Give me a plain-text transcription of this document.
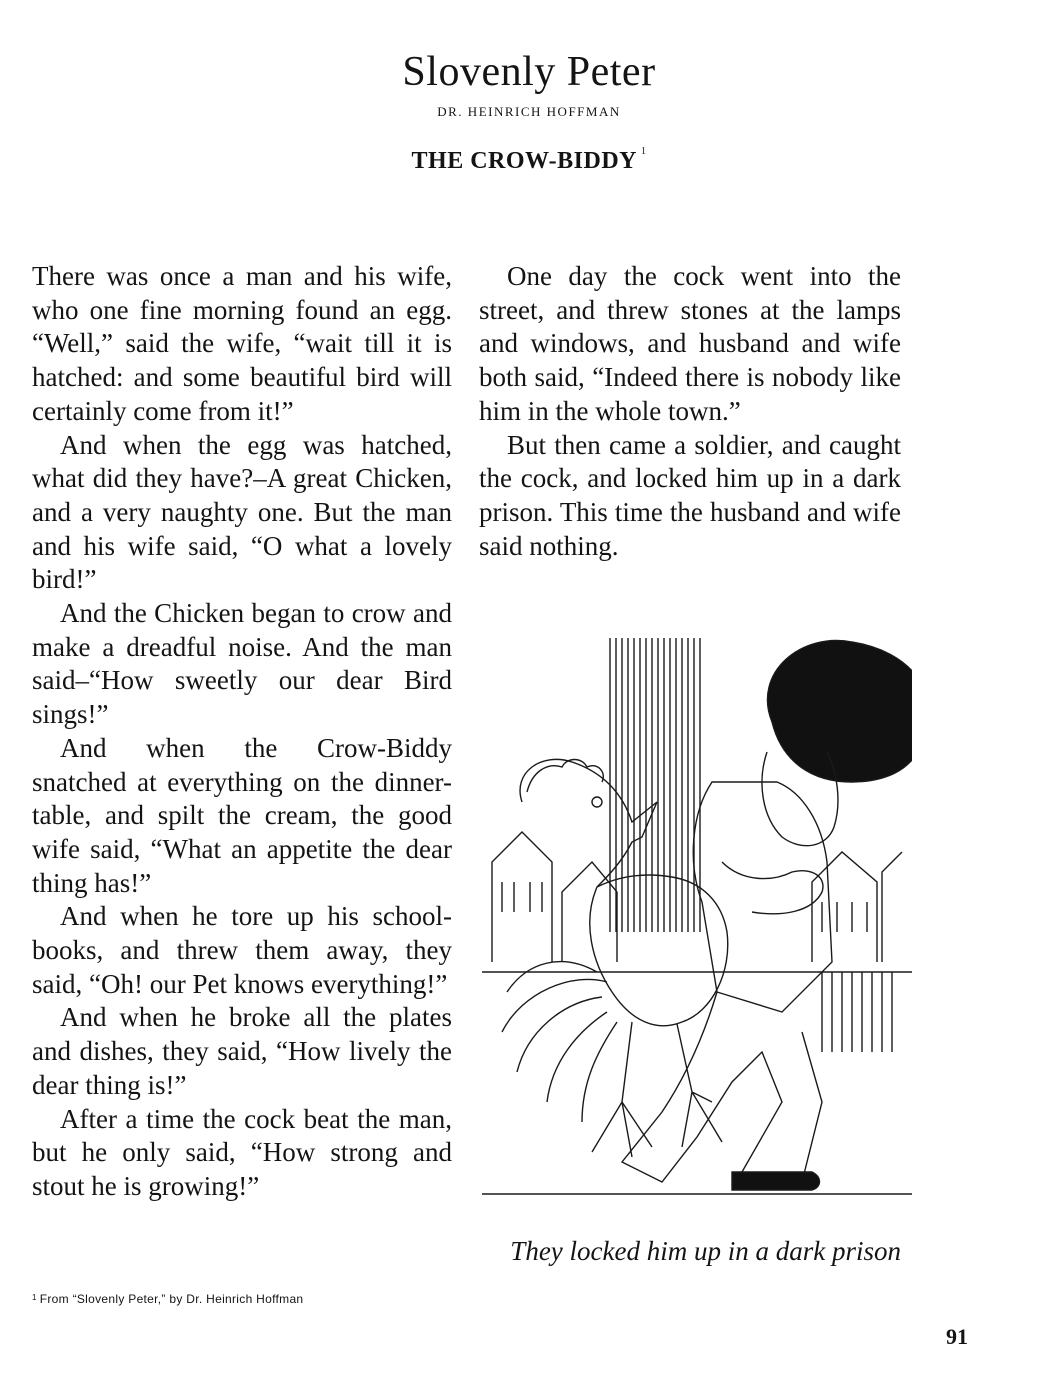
Slovenly Peter
DR. HEINRICH HOFFMAN
THE CROW-BIDDY $^1$

There was once a man and his wife, who one fine morning found an egg. “Well,” said the wife, “wait till it is hatched: and some beautiful bird will certainly come from it!”

And when the egg was hatched, what did they have?–A great Chicken, and a very naughty one. But the man and his wife said, “O what a lovely bird!”

And the Chicken began to crow and make a dreadful noise. And the man said–“How sweetly our dear Bird sings!”

And when the Crow-Biddy snatched at everything on the dinner-table, and spilt the cream, the good wife said, “What an appetite the dear thing has!”

And when he tore up his schoolbooks, and threw them away, they said, “Oh! our Pet knows everything!”

And when he broke all the plates and dishes, they said, “How lively the dear thing is!”

After a time the cock beat the man, but he only said, “How strong and stout he is growing!”

One day the cock went into the street, and threw stones at the lamps and windows, and husband and wife both said, “Indeed there is nobody like him in the whole town.”

But then came a soldier, and caught the cock, and locked him up in a dark prison. This time the husband and wife said nothing.

They locked him up in a dark prison
$^1$ From “Slovenly Peter,” by Dr. Heinrich Hoffman
91
